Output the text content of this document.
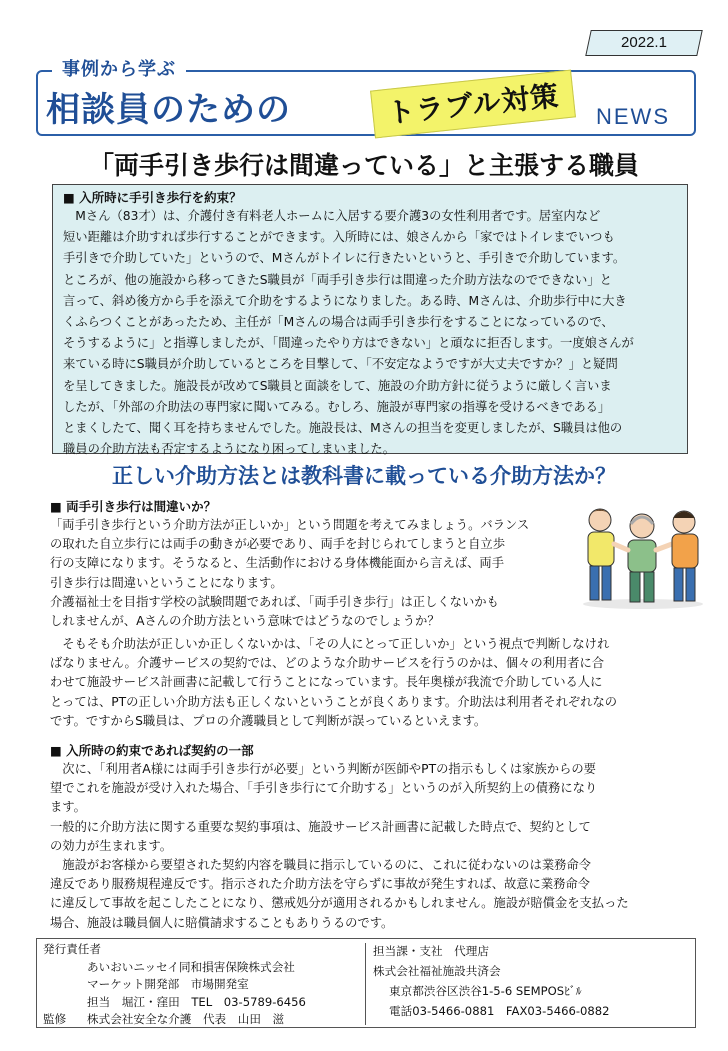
2022.1
事例から学ぶ
相談員のための	トラブル対策	NEWS
「両手引き歩行は間違っている」と主張する職員
■ 入所時に手引き歩行を約束？
　Mさん（83才）は、介護付き有料老人ホームに入居する要介護3の女性利用者です。居室内など
短い距離は介助すれば歩行することができます。入所時には、娘さんから「家ではトイレまでいつも
手引きで介助していた」というので、Mさんがトイレに行きたいというと、手引きで介助しています。
ところが、他の施設から移ってきたS職員が「両手引き歩行は間違った介助方法なのでできない」と
言って、斜め後方から手を添えて介助をするようになりました。ある時、Mさんは、介助歩行中に大き
くふらつくことがあったため、主任が「Mさんの場合は両手引き歩行をすることになっているので、
そうするように」と指導しましたが、「間違ったやり方はできない」と頑なに拒否します。一度娘さんが
来ている時にS職員が介助しているところを目撃して、「不安定なようですが大丈夫ですか？」と疑問
を呈してきました。施設長が改めてS職員と面談をして、施設の介助方針に従うように厳しく言いま
したが、「外部の介助法の専門家に聞いてみる。むしろ、施設が専門家の指導を受けるべきである」
とまくしたて、聞く耳を持ちませんでした。施設長は、Mさんの担当を変更しましたが、S職員は他の
職員の介助方法も否定するようになり困ってしまいました。
正しい介助方法とは教科書に載っている介助方法か？
■ 両手引き歩行は間違いか？

「両手引き歩行という介助方法が正しいか」という問題を考えてみましょう。バランス
の取れた自立歩行には両手の動きが必要であり、両手を封じられてしまうと自立歩
行の支障になります。そうなると、生活動作における身体機能面から言えば、両手
引き歩行は間違いということになります。
介護福祉士を目指す学校の試験問題であれば、「両手引き歩行」は正しくないかも
しれませんが、Aさんの介助方法という意味ではどうなのでしょうか？

　そもそも介助法が正しいか正しくないかは、「その人にとって正しいか」という視点で判断しなけれ
ばなりません。介護サービスの契約では、どのような介助サービスを行うのかは、個々の利用者に合
わせて施設サービス計画書に記載して行うことになっています。長年奥様が我流で介助している人に
とっては、PTの正しい介助方法も正しくないということが良くあります。介助法は利用者それぞれなの
です。ですからS職員は、プロの介護職員として判断が誤っているといえます。

■ 入所時の約束であれば契約の一部

　次に、「利用者A様には両手引き歩行が必要」という判断が医師やPTの指示もしくは家族からの要
望でこれを施設が受け入れた場合、「手引き歩行にて介助する」というのが入所契約上の債務になり
ます。
一般的に介助方法に関する重要な契約事項は、施設サービス計画書に記載した時点で、契約として
の効力が生まれます。
　施設がお客様から要望された契約内容を職員に指示しているのに、これに従わないのは業務命令
違反であり服務規程違反です。指示された介助方法を守らずに事故が発生すれば、故意に業務命令
に違反して事故を起こしたことになり、懲戒処分が適用されるかもしれません。施設が賠償金を支払った
場合、施設は職員個人に賠償請求することもありうるのです。

発行責任者
あいおいニッセイ同和損害保険株式会社
マーケット開発部　市場開発室
担当　堀江・窪田　TEL　03-5789-6456
監修	株式会社安全な介護　代表　山田　滋
担当課・支社　代理店
株式会社福祉施設共済会
東京都渋谷区渋谷1-5-6 SEMPOSﾋﾞﾙ
電話03-5466-0881　FAX03-5466-0882
